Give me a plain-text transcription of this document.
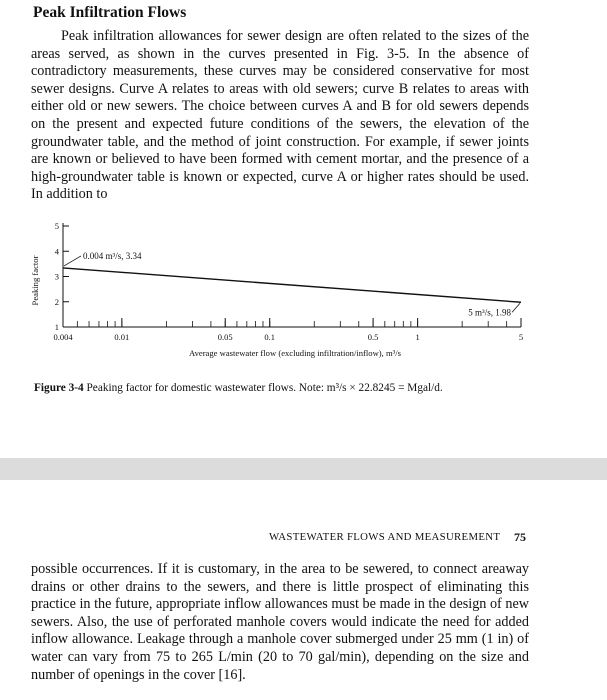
Peak Infiltration Flows
Peak infiltration allowances for sewer design are often related to the sizes of the areas served, as shown in the curves presented in Fig. 3-5. In the absence of contradictory measurements, these curves may be considered conservative for most sewer designs. Curve A relates to areas with old sewers; curve B relates to areas with either old or new sewers. The choice between curves A and B for old sewers depends on the present and expected future conditions of the sewers, the elevation of the groundwater table, and the method of joint construction. For example, if sewer joints are known or believed to have been formed with cement mortar, and the presence of a high-groundwater table is known or expected, curve A or higher rates should be used. In addition to
1
2
3
4
5
0.004	0.01	0.05	0.1	0.5	1	5
0.004 m³/s, 3.34
5 m³/s, 1.98
Average wastewater flow (excluding infiltration/inflow), m³/s
Peaking factor
Figure 3-4 Peaking factor for domestic wastewater flows. Note: m³/s × 22.8245 = Mgal/d.
WASTEWATER FLOWS AND MEASUREMENT 75
possible occurrences. If it is customary, in the area to be sewered, to connect areaway drains or other drains to the sewers, and there is little prospect of eliminating this practice in the future, appropriate inflow allowances must be made in the design of new sewers. Also, the use of perforated manhole covers would indicate the need for added inflow allowance. Leakage through a manhole cover submerged under 25 mm (1 in) of water can vary from 75 to 265 L/min (20 to 70 gal/min), depending on the size and number of openings in the cover [16].
